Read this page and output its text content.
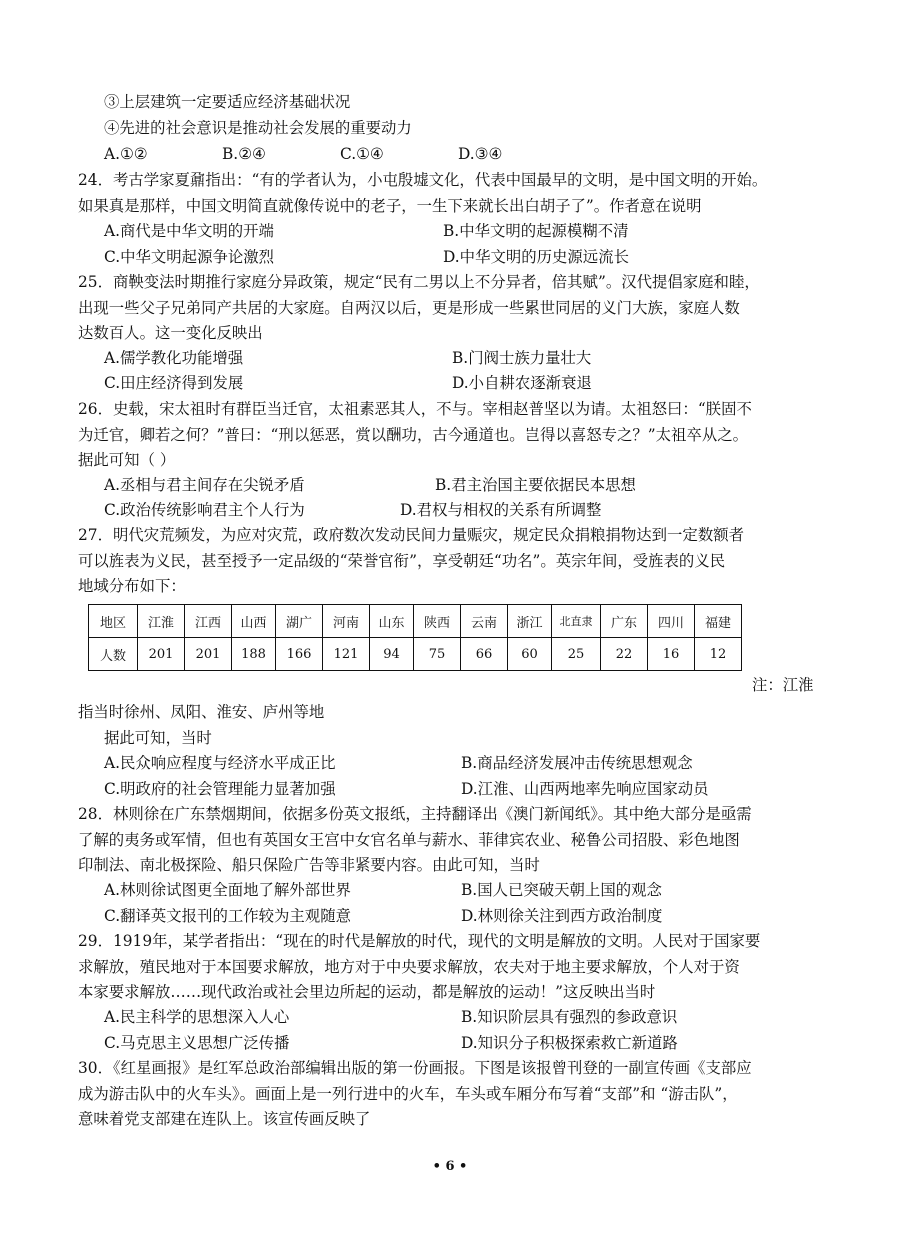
③上层建筑一定要适应经济基础状况
④先进的社会意识是推动社会发展的重要动力
A.①②	B.②④	C.①④	D.③④
24．考古学家夏鼐指出：“有的学者认为，小屯殷墟文化，代表中国最早的文明，是中国文明的开始。
如果真是那样，中国文明简直就像传说中的老子，一生下来就长出白胡子了”。作者意在说明
A.商代是中华文明的开端	B.中华文明的起源模糊不清
C.中华文明起源争论激烈	D.中华文明的历史源远流长
25．商鞅变法时期推行家庭分异政策，规定“民有二男以上不分异者，倍其赋”。汉代提倡家庭和睦，
出现一些父子兄弟同产共居的大家庭。自两汉以后，更是形成一些累世同居的义门大族，家庭人数
达数百人。这一变化反映出
A.儒学教化功能增强	B.门阀士族力量壮大
C.田庄经济得到发展	D.小自耕农逐渐衰退
26．史载，宋太祖时有群臣当迁官，太祖素恶其人，不与。宰相赵普坚以为请。太祖怒曰：“朕固不
为迁官，卿若之何？”普曰：“刑以惩恶，赏以酬功，古今通道也。岂得以喜怒专之？”太祖卒从之。
据此可知（ ）
A.丞相与君主间存在尖锐矛盾	B.君主治国主要依据民本思想
C.政治传统影响君主个人行为	D.君权与相权的关系有所调整
27．明代灾荒频发，为应对灾荒，政府数次发动民间力量赈灾，规定民众捐粮捐物达到一定数额者
可以旌表为义民，甚至授予一定品级的“荣誉官衔”，享受朝廷“功名”。英宗年间，受旌表的义民
地域分布如下：
地区	江淮	江西	山西	湖广	河南	山东	陕西	云南	浙江	北直隶	广东	四川	福建
人数	201	201	188	166	121	94	75	66	60	25	22	16	12
注：江淮
指当时徐州、凤阳、淮安、庐州等地
据此可知，当时
A.民众响应程度与经济水平成正比	B.商品经济发展冲击传统思想观念
C.明政府的社会管理能力显著加强	D.江淮、山西两地率先响应国家动员
28．林则徐在广东禁烟期间，依据多份英文报纸，主持翻译出《澳门新闻纸》。其中绝大部分是亟需
了解的夷务或军情，但也有英国女王宫中女官名单与薪水、菲律宾农业、秘鲁公司招股、彩色地图
印制法、南北极探险、船只保险广告等非紧要内容。由此可知，当时
A.林则徐试图更全面地了解外部世界	B.国人已突破天朝上国的观念
C.翻译英文报刊的工作较为主观随意	D.林则徐关注到西方政治制度
29．1919年，某学者指出：“现在的时代是解放的时代，现代的文明是解放的文明。人民对于国家要
求解放，殖民地对于本国要求解放，地方对于中央要求解放，农夫对于地主要求解放，个人对于资
本家要求解放……现代政治或社会里边所起的运动，都是解放的运动！”这反映出当时
A.民主科学的思想深入人心	B.知识阶层具有强烈的参政意识
C.马克思主义思想广泛传播	D.知识分子积极探索救亡新道路
30．《红星画报》是红军总政治部编辑出版的第一份画报。下图是该报曾刊登的一副宣传画《支部应
成为游击队中的火车头》。画面上是一列行进中的火车，车头或车厢分布写着“支部”和 “游击队”，
意味着党支部建在连队上。该宣传画反映了
• 6 •
